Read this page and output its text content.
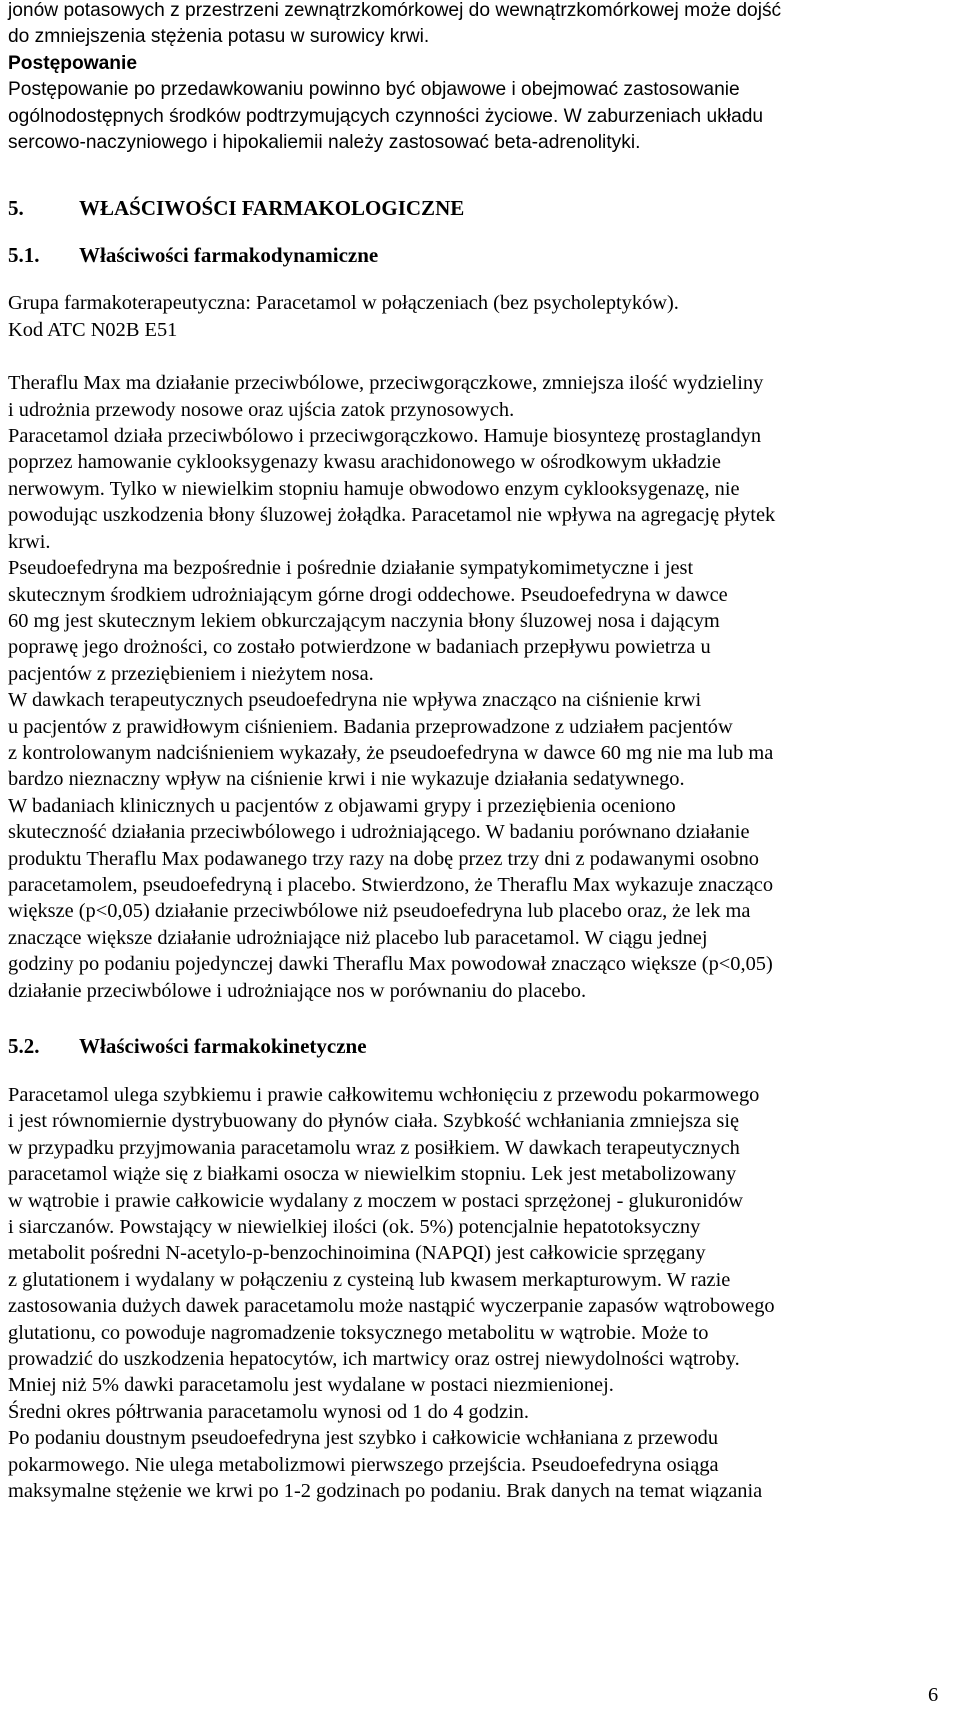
jonów potasowych z przestrzeni zewnątrzkomórkowej do wewnątrzkomórkowej może dojść

do zmniejszenia stężenia potasu w surowicy krwi.

Postępowanie

Postępowanie po przedawkowaniu powinno być objawowe i obejmować zastosowanie

ogólnodostępnych środków podtrzymujących czynności życiowe. W zaburzeniach układu

sercowo-naczyniowego i hipokaliemii należy zastosować beta-adrenolityki.

5.	WŁAŚCIWOŚCI FARMAKOLOGICZNE
5.1. Właściwości farmakodynamiczne

Grupa farmakoterapeutyczna: Paracetamol w połączeniach (bez psycholeptyków).

Kod ATC N02B E51

Theraflu Max ma działanie przeciwbólowe, przeciwgorączkowe, zmniejsza ilość wydzieliny

i udrożnia przewody nosowe oraz ujścia zatok przynosowych.

Paracetamol działa przeciwbólowo i przeciwgorączkowo. Hamuje biosyntezę prostaglandyn

poprzez hamowanie cyklooksygenazy kwasu arachidonowego w ośrodkowym układzie

nerwowym. Tylko w niewielkim stopniu hamuje obwodowo enzym cyklooksygenazę, nie

powodując uszkodzenia błony śluzowej żołądka. Paracetamol nie wpływa na agregację płytek

krwi.

Pseudoefedryna ma bezpośrednie i pośrednie działanie sympatykomimetyczne i jest

skutecznym środkiem udrożniającym górne drogi oddechowe. Pseudoefedryna w dawce

60 mg jest skutecznym lekiem obkurczającym naczynia błony śluzowej nosa i dającym

poprawę jego drożności, co zostało potwierdzone w badaniach przepływu powietrza u

pacjentów z przeziębieniem i nieżytem nosa.

W dawkach terapeutycznych pseudoefedryna nie wpływa znacząco na ciśnienie krwi

u pacjentów z prawidłowym ciśnieniem. Badania przeprowadzone z udziałem pacjentów

z kontrolowanym nadciśnieniem wykazały, że pseudoefedryna w dawce 60 mg nie ma lub ma

bardzo nieznaczny wpływ na ciśnienie krwi i nie wykazuje działania sedatywnego.

W badaniach klinicznych u pacjentów z objawami grypy i przeziębienia oceniono

skuteczność działania przeciwbólowego i udrożniającego. W badaniu porównano działanie

produktu Theraflu Max podawanego trzy razy na dobę przez trzy dni z podawanymi osobno

paracetamolem, pseudoefedryną i placebo. Stwierdzono, że Theraflu Max wykazuje znacząco

większe (p<0,05) działanie przeciwbólowe niż pseudoefedryna lub placebo oraz, że lek ma

znaczące większe działanie udrożniające niż placebo lub paracetamol. W ciągu jednej

godziny po podaniu pojedynczej dawki Theraflu Max powodował znacząco większe (p<0,05)

działanie przeciwbólowe i udrożniające nos w porównaniu do placebo.

5.2. Właściwości farmakokinetyczne

Paracetamol ulega szybkiemu i prawie całkowitemu wchłonięciu z przewodu pokarmowego

i jest równomiernie dystrybuowany do płynów ciała. Szybkość wchłaniania zmniejsza się

w przypadku przyjmowania paracetamolu wraz z posiłkiem. W dawkach terapeutycznych

paracetamol wiąże się z białkami osocza w niewielkim stopniu. Lek jest metabolizowany

w wątrobie i prawie całkowicie wydalany z moczem w postaci sprzężonej - glukuronidów

i siarczanów. Powstający w niewielkiej ilości (ok. 5%) potencjalnie hepatotoksyczny

metabolit pośredni N-acetylo-p-benzochinoimina (NAPQI) jest całkowicie sprzęgany

z glutationem i wydalany w połączeniu z cysteiną lub kwasem merkapturowym. W razie

zastosowania dużych dawek paracetamolu może nastąpić wyczerpanie zapasów wątrobowego

glutationu, co powoduje nagromadzenie toksycznego metabolitu w wątrobie. Może to

prowadzić do uszkodzenia hepatocytów, ich martwicy oraz ostrej niewydolności wątroby.

Mniej niż 5% dawki paracetamolu jest wydalane w postaci niezmienionej.

Średni okres półtrwania paracetamolu wynosi od 1 do 4 godzin.

Po podaniu doustnym pseudoefedryna jest szybko i całkowicie wchłaniana z przewodu

pokarmowego. Nie ulega metabolizmowi pierwszego przejścia. Pseudoefedryna osiąga

maksymalne stężenie we krwi po 1-2 godzinach po podaniu. Brak danych na temat wiązania

6
